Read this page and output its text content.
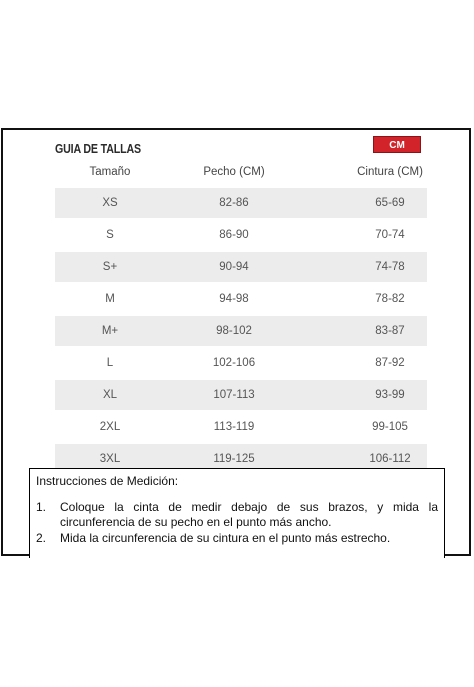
GUIA DE TALLAS	CM
Tamaño	Pecho (CM)	Cintura (CM)
XS	82-86	65-69
S	86-90	70-74
S+	90-94	74-78
M	94-98	78-82
M+	98-102	83-87
L	102-106	87-92
XL	107-113	93-99
2XL	113-119	99-105
3XL	119-125	106-112
Instrucciones de Medición:
1. Coloque la cinta de medir debajo de sus brazos, y mida la circunferencia de su pecho en el punto más ancho.
2. Mida la circunferencia de su cintura en el punto más estrecho.
